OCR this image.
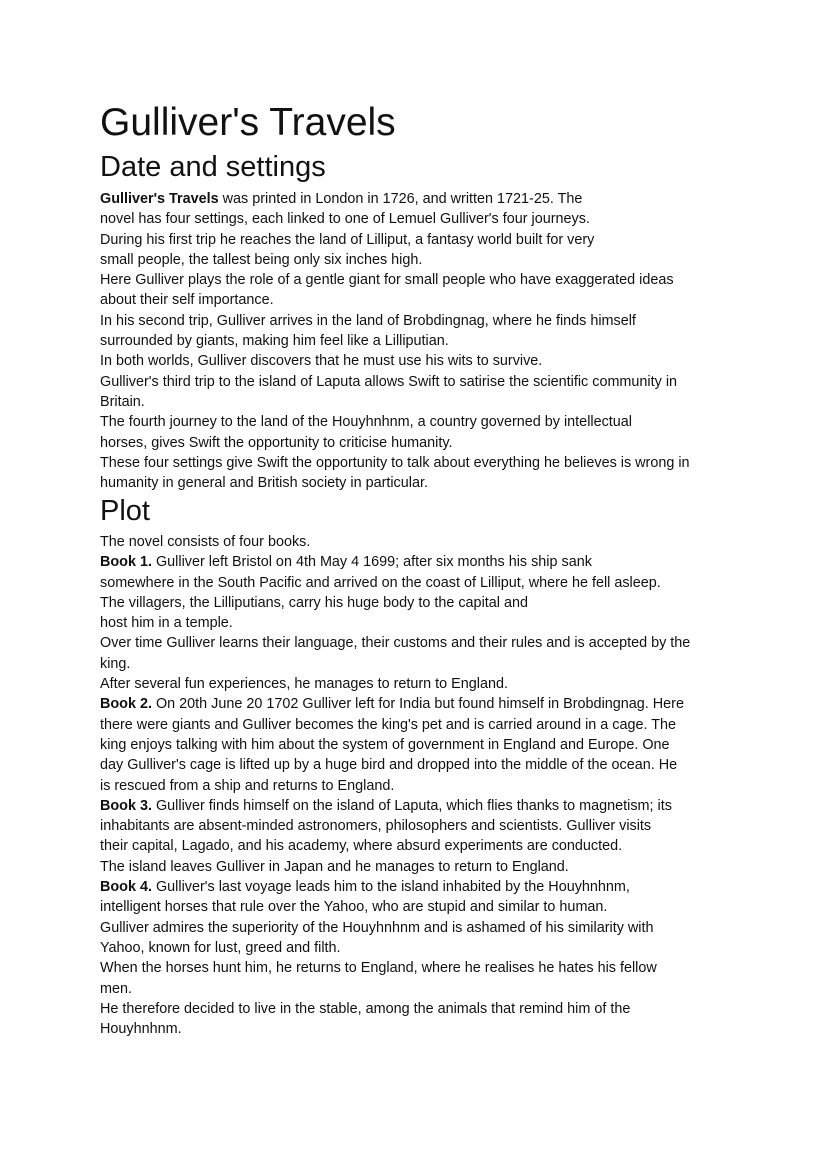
Gulliver's Travels
Date and settings
Gulliver's Travels was printed in London in 1726, and written 1721-25. The
novel has four settings, each linked to one of Lemuel Gulliver's four journeys.
During his first trip he reaches the land of Lilliput, a fantasy world built for very
small people, the tallest being only six inches high.
Here Gulliver plays the role of a gentle giant for small people who have exaggerated ideas
about their self importance.
In his second trip, Gulliver arrives in the land of Brobdingnag, where he finds himself
surrounded by giants, making him feel like a Lilliputian.
In both worlds, Gulliver discovers that he must use his wits to survive.
Gulliver's third trip to the island of Laputa allows Swift to satirise the scientific community in
Britain.
The fourth journey to the land of the Houyhnhnm, a country governed by intellectual
horses, gives Swift the opportunity to criticise humanity.
These four settings give Swift the opportunity to talk about everything he believes is wrong in
humanity in general and British society in particular.
Plot
The novel consists of four books.
Book 1. Gulliver left Bristol on 4th May 4 1699; after six months his ship sank
somewhere in the South Pacific and arrived on the coast of Lilliput, where he fell asleep.
The villagers, the Lilliputians, carry his huge body to the capital and
host him in a temple.
Over time Gulliver learns their language, their customs and their rules and is accepted by the
king.
After several fun experiences, he manages to return to England.
Book 2. On 20th June 20 1702 Gulliver left for India but found himself in Brobdingnag. Here
there were giants and Gulliver becomes the king's pet and is carried around in a cage. The
king enjoys talking with him about the system of government in England and Europe. One
day Gulliver's cage is lifted up by a huge bird and dropped into the middle of the ocean. He
is rescued from a ship and returns to England.
Book 3. Gulliver finds himself on the island of Laputa, which flies thanks to magnetism; its
inhabitants are absent-minded astronomers, philosophers and scientists. Gulliver visits
their capital, Lagado, and his academy, where absurd experiments are conducted.
The island leaves Gulliver in Japan and he manages to return to England.
Book 4. Gulliver's last voyage leads him to the island inhabited by the Houyhnhnm,
intelligent horses that rule over the Yahoo, who are stupid and similar to human.
Gulliver admires the superiority of the Houyhnhnm and is ashamed of his similarity with
Yahoo, known for lust, greed and filth.
When the horses hunt him, he returns to England, where he realises he hates his fellow
men.
He therefore decided to live in the stable, among the animals that remind him of the
Houyhnhnm.
